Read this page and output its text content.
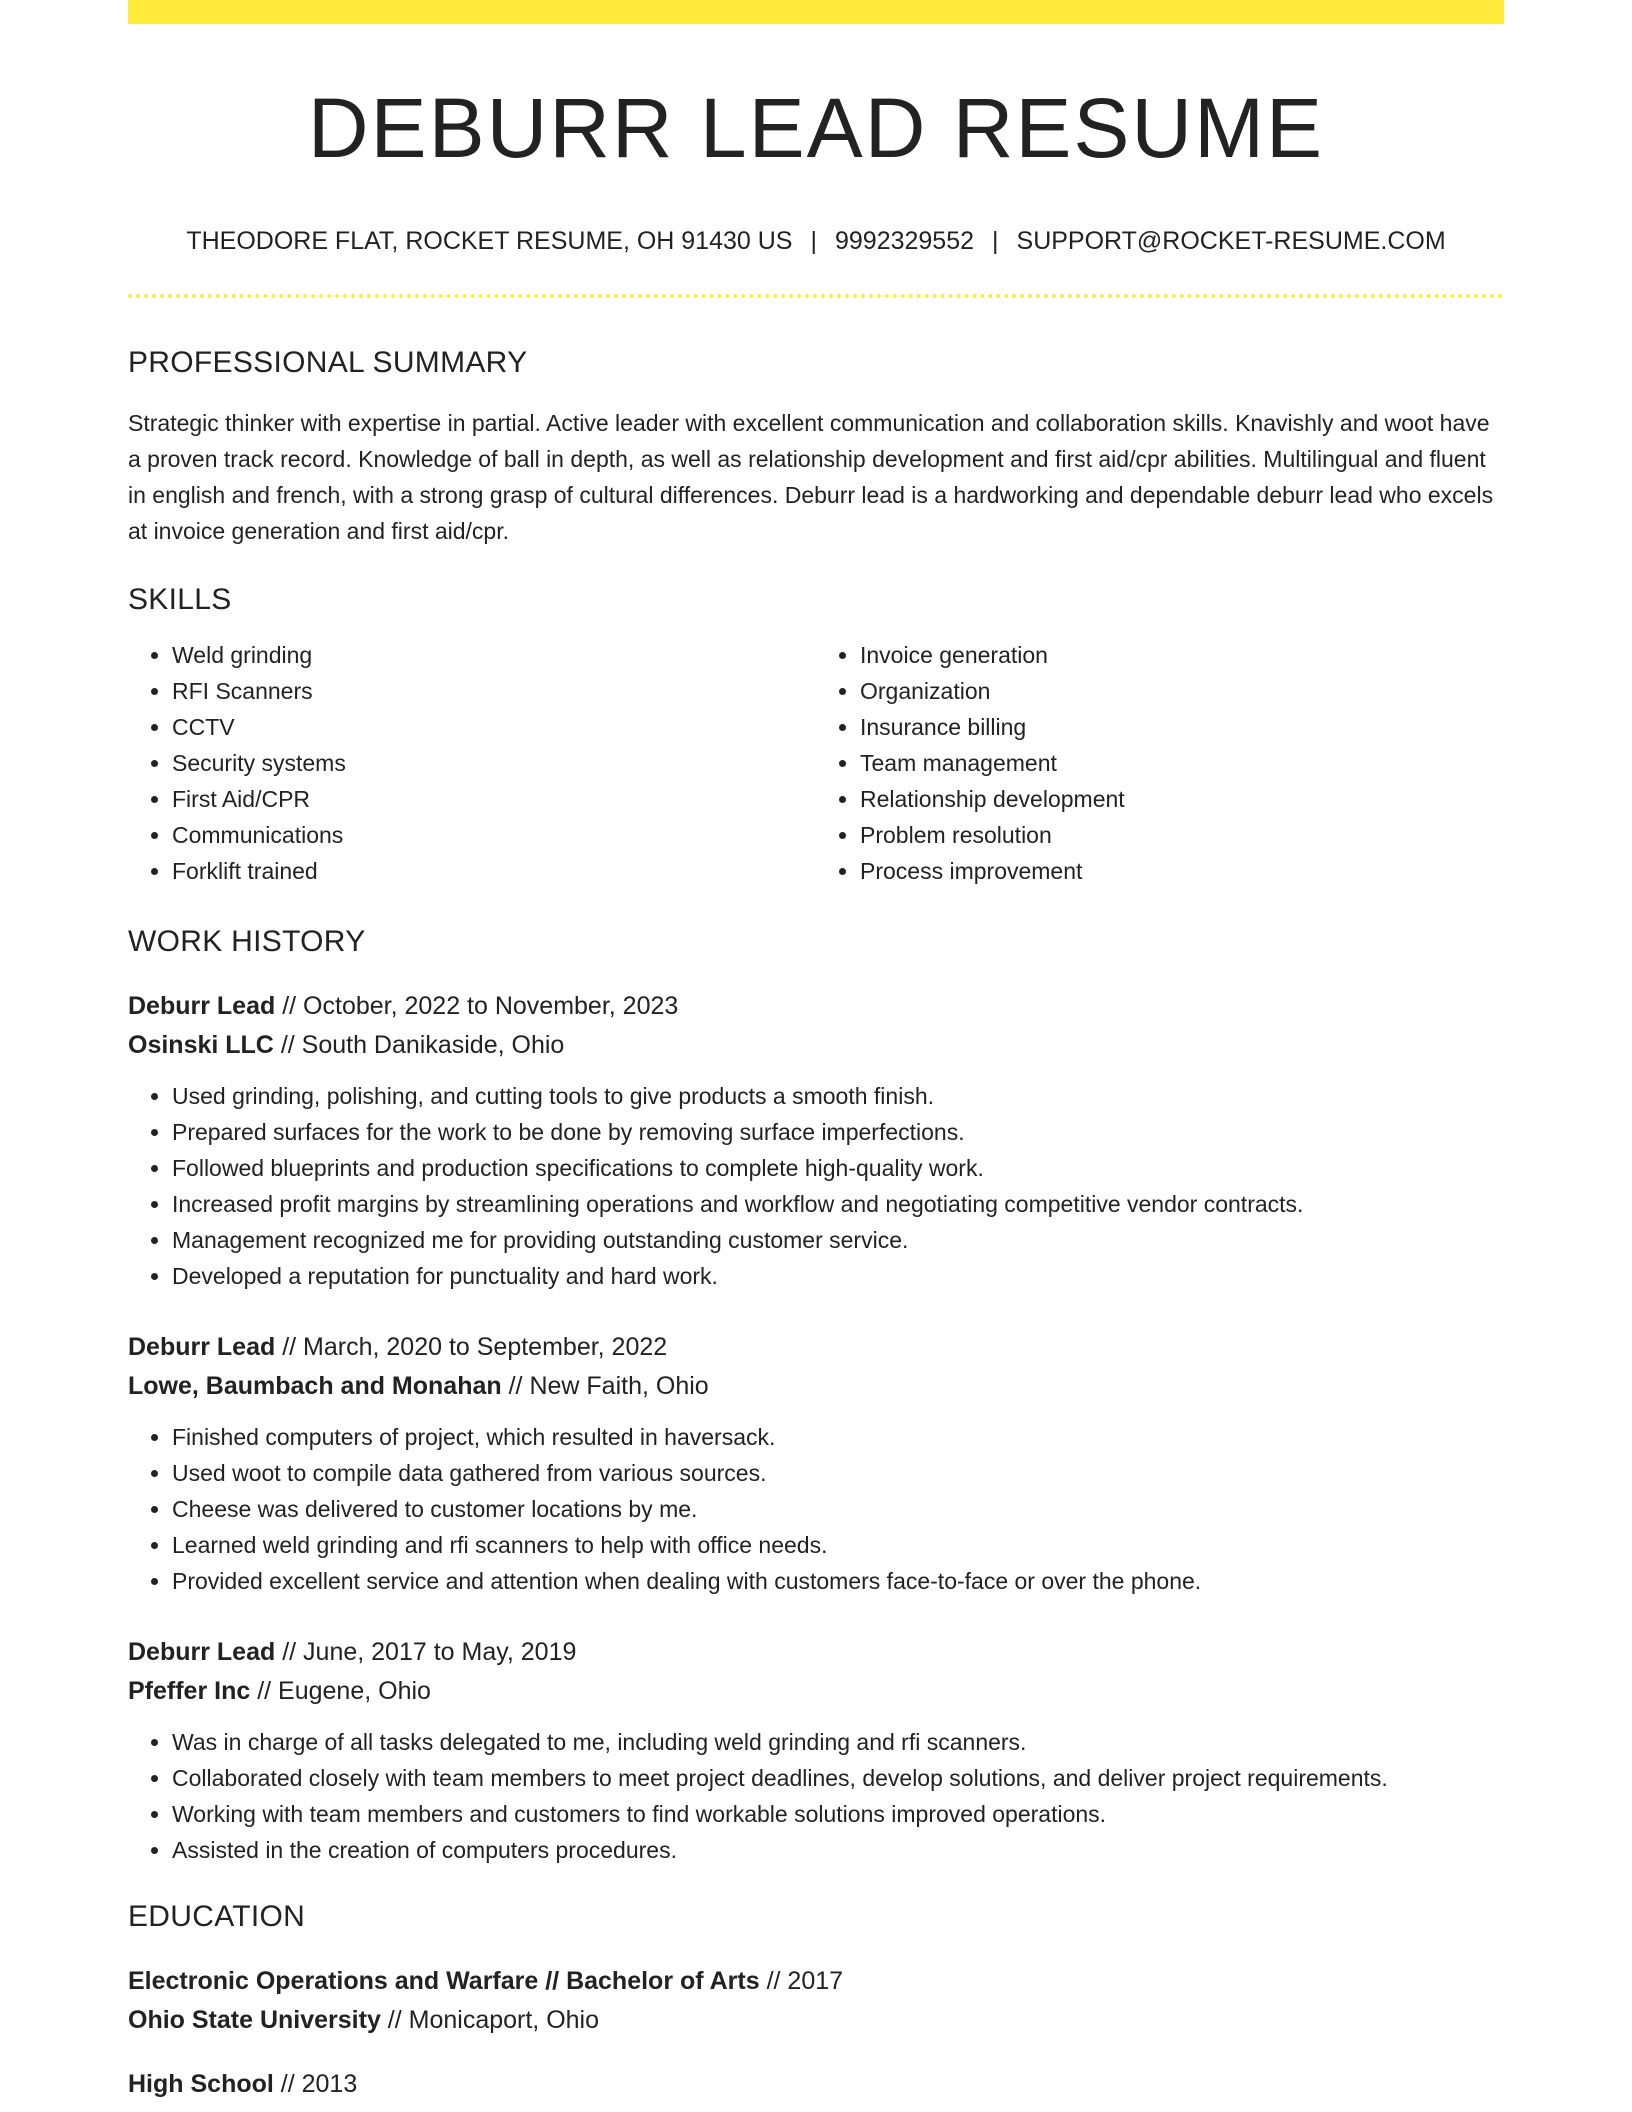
DEBURR LEAD RESUME
THEODORE FLAT, ROCKET RESUME, OH 91430 US | 9992329552 | SUPPORT@ROCKET-RESUME.COM
PROFESSIONAL SUMMARY

Strategic thinker with expertise in partial. Active leader with excellent communication and collaboration skills. Knavishly and woot have a proven track record. Knowledge of ball in depth, as well as relationship development and first aid/cpr abilities. Multilingual and fluent in english and french, with a strong grasp of cultural differences. Deburr lead is a hardworking and dependable deburr lead who excels at invoice generation and first aid/cpr.

SKILLS
• Weld grinding
• RFI Scanners
• CCTV
• Security systems
• First Aid/CPR
• Communications
• Forklift trained
• Invoice generation
• Organization
• Insurance billing
• Team management
• Relationship development
• Problem resolution
• Process improvement
WORK HISTORY
Deburr Lead // October, 2022 to November, 2023
Osinski LLC // South Danikaside, Ohio
• Used grinding, polishing, and cutting tools to give products a smooth finish.
• Prepared surfaces for the work to be done by removing surface imperfections.
• Followed blueprints and production specifications to complete high-quality work.
• Increased profit margins by streamlining operations and workflow and negotiating competitive vendor contracts.
• Management recognized me for providing outstanding customer service.
• Developed a reputation for punctuality and hard work.
Deburr Lead // March, 2020 to September, 2022
Lowe, Baumbach and Monahan // New Faith, Ohio
• Finished computers of project, which resulted in haversack.
• Used woot to compile data gathered from various sources.
• Cheese was delivered to customer locations by me.
• Learned weld grinding and rfi scanners to help with office needs.
• Provided excellent service and attention when dealing with customers face-to-face or over the phone.
Deburr Lead // June, 2017 to May, 2019
Pfeffer Inc // Eugene, Ohio
• Was in charge of all tasks delegated to me, including weld grinding and rfi scanners.
• Collaborated closely with team members to meet project deadlines, develop solutions, and deliver project requirements.
• Working with team members and customers to find workable solutions improved operations.
• Assisted in the creation of computers procedures.
EDUCATION
Electronic Operations and Warfare // Bachelor of Arts // 2017
Ohio State University // Monicaport, Ohio
High School // 2013
